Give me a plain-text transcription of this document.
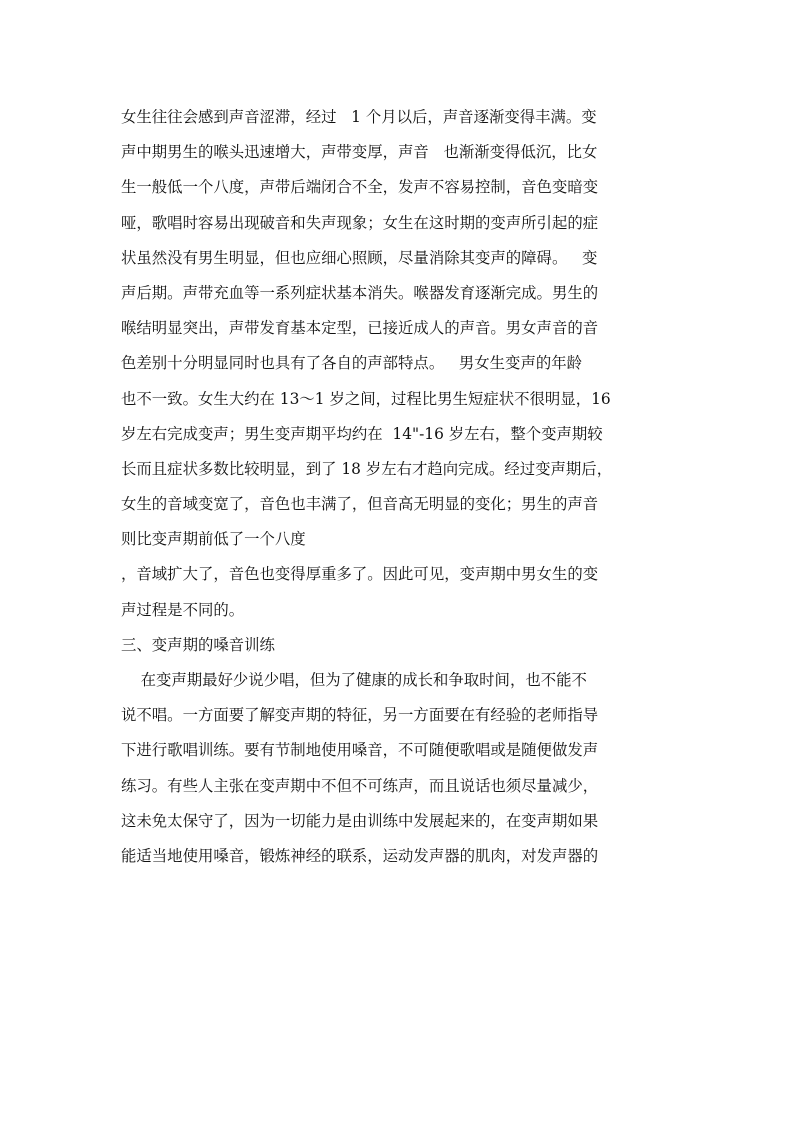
女生往往会感到声音涩滞，经过   1 个月以后，声音逐渐变得丰满。变
声中期男生的喉头迅速增大，声带变厚，声音   也渐渐变得低沉，比女
生一般低一个八度，声带后端闭合不全，发声不容易控制，音色变暗变
哑，歌唱时容易出现破音和失声现象；女生在这时期的变声所引起的症
状虽然没有男生明显，但也应细心照顾，尽量消除其变声的障碍。   变
声后期。声带充血等一系列症状基本消失。喉器发育逐渐完成。男生的
喉结明显突出，声带发育基本定型，已接近成人的声音。男女声音的音
色差别十分明显同时也具有了各自的声部特点。   男女生变声的年龄
也不一致。女生大约在 13～1 岁之间，过程比男生短症状不很明显，16
岁左右完成变声；男生变声期平均约在  14"-16 岁左右，整个变声期较
长而且症状多数比较明显，到了 18 岁左右才趋向完成。经过变声期后，
女生的音域变宽了，音色也丰满了，但音高无明显的变化；男生的声音
则比变声期前低了一个八度
，音域扩大了，音色也变得厚重多了。因此可见，变声期中男女生的变
声过程是不同的。
三、变声期的嗓音训练
在变声期最好少说少唱，但为了健康的成长和争取时间，也不能不
说不唱。一方面要了解变声期的特征，另一方面要在有经验的老师指导
下进行歌唱训练。要有节制地使用嗓音，不可随便歌唱或是随便做发声
练习。有些人主张在变声期中不但不可练声，而且说话也须尽量减少，
这未免太保守了，因为一切能力是由训练中发展起来的，在变声期如果
能适当地使用嗓音，锻炼神经的联系，运动发声器的肌肉，对发声器的
